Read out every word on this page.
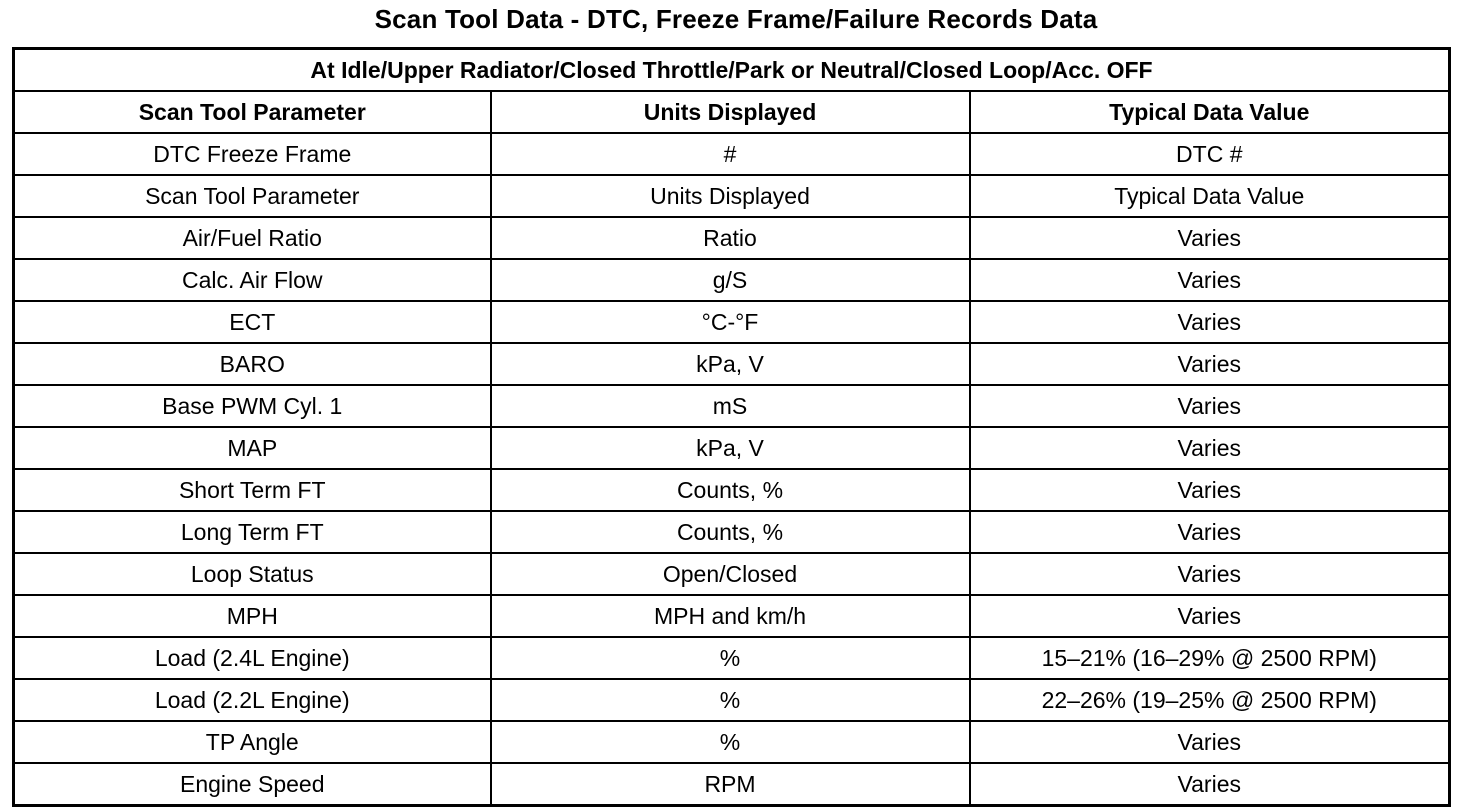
Scan Tool Data - DTC, Freeze Frame/Failure Records Data
At Idle/Upper Radiator/Closed Throttle/Park or Neutral/Closed Loop/Acc. OFF		
Scan Tool Parameter	Units Displayed	Typical Data Value
DTC Freeze Frame	#	DTC #
Scan Tool Parameter	Units Displayed	Typical Data Value
Air/Fuel Ratio	Ratio	Varies
Calc. Air Flow	g/S	Varies
ECT	°C-°F	Varies
BARO	kPa, V	Varies
Base PWM Cyl. 1	mS	Varies
MAP	kPa, V	Varies
Short Term FT	Counts, %	Varies
Long Term FT	Counts, %	Varies
Loop Status	Open/Closed	Varies
MPH	MPH and km/h	Varies
Load (2.4L Engine)	%	15–21% (16–29% @ 2500 RPM)
Load (2.2L Engine)	%	22–26% (19–25% @ 2500 RPM)
TP Angle	%	Varies
Engine Speed	RPM	Varies
